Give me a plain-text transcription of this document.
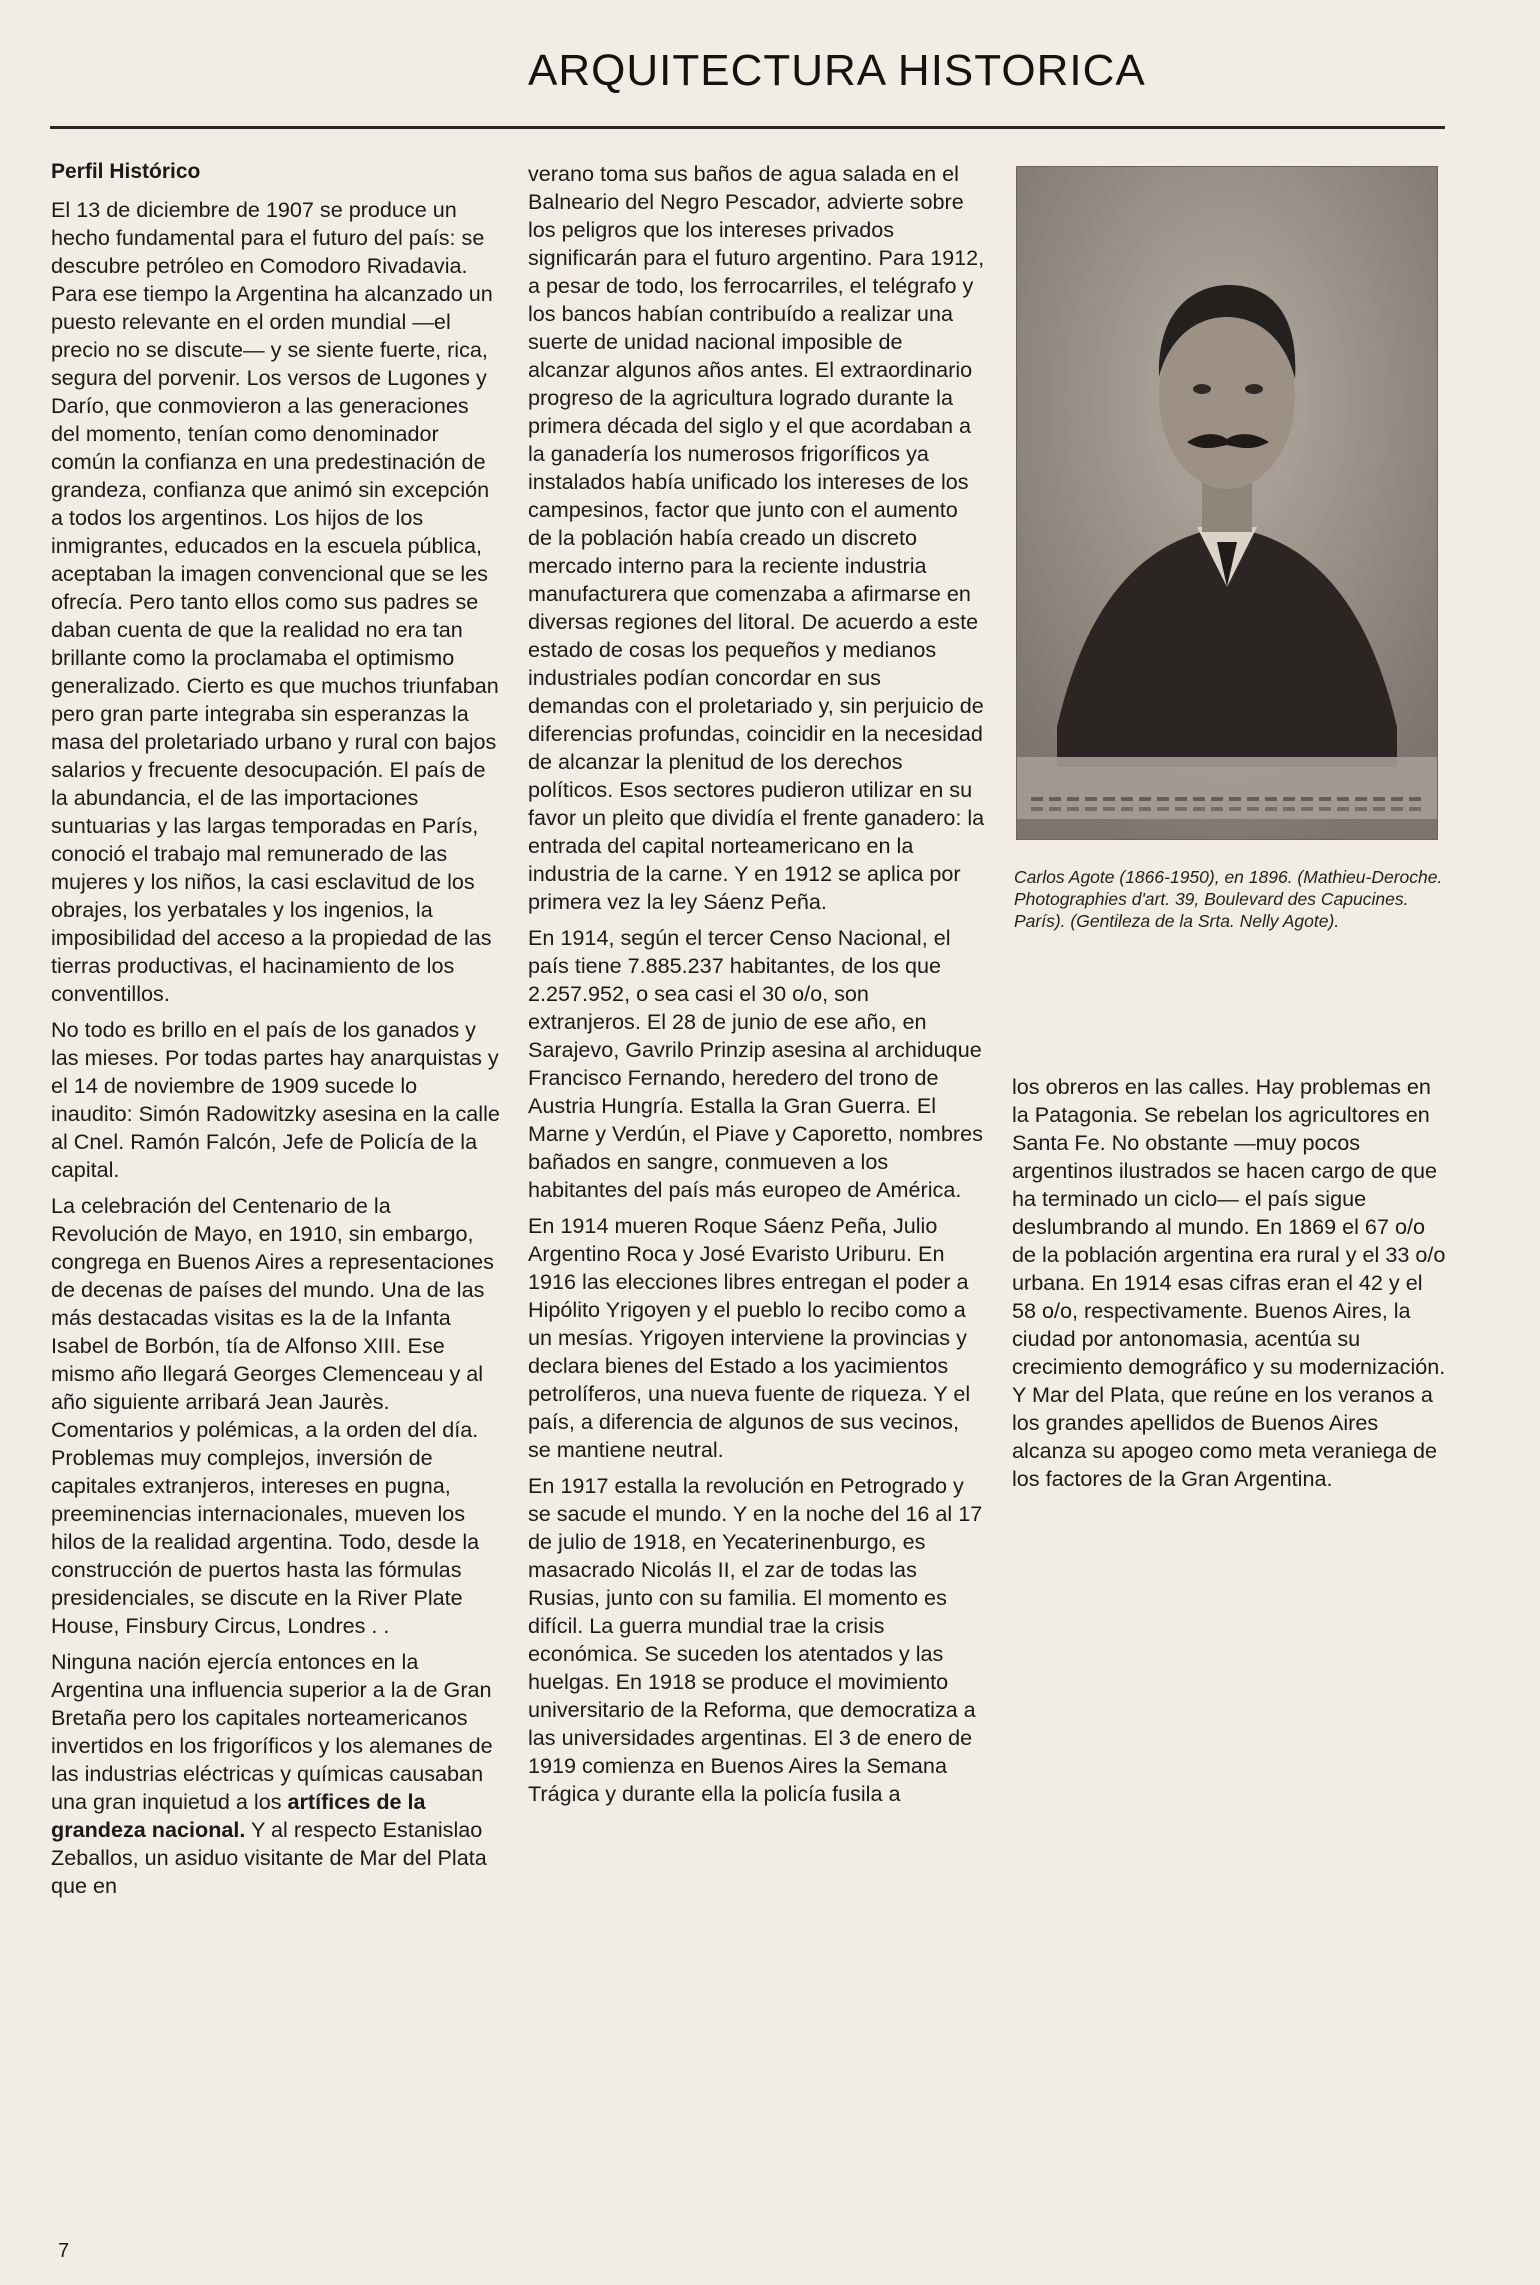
ARQUITECTURA HISTORICA
Perfil Histórico

El 13 de diciembre de 1907 se produce un hecho fundamental para el futuro del país: se descubre petróleo en Comodoro Rivadavia. Para ese tiempo la Argentina ha alcanzado un puesto relevante en el orden mundial —el precio no se discute— y se siente fuerte, rica, segura del porvenir. Los versos de Lugones y Darío, que conmovieron a las generaciones del momento, tenían como denominador común la confianza en una predestinación de grandeza, confianza que animó sin excepción a todos los argentinos. Los hijos de los inmigrantes, educados en la escuela pública, aceptaban la imagen convencional que se les ofrecía. Pero tanto ellos como sus padres se daban cuenta de que la realidad no era tan brillante como la proclamaba el optimismo generalizado. Cierto es que muchos triunfaban pero gran parte integraba sin esperanzas la masa del proletariado urbano y rural con bajos salarios y frecuente desocupación. El país de la abundancia, el de las importaciones suntuarias y las largas temporadas en París, conoció el trabajo mal remunerado de las mujeres y los niños, la casi esclavitud de los obrajes, los yerbatales y los ingenios, la imposibilidad del acceso a la propiedad de las tierras productivas, el hacinamiento de los conventillos.

No todo es brillo en el país de los ganados y las mieses. Por todas partes hay anarquistas y el 14 de noviembre de 1909 sucede lo inaudito: Simón Radowitzky asesina en la calle al Cnel. Ramón Falcón, Jefe de Policía de la capital.

La celebración del Centenario de la Revolución de Mayo, en 1910, sin embargo, congrega en Buenos Aires a representaciones de decenas de países del mundo. Una de las más destacadas visitas es la de la Infanta Isabel de Borbón, tía de Alfonso XIII. Ese mismo año llegará Georges Clemenceau y al año siguiente arribará Jean Jaurès. Comentarios y polémicas, a la orden del día. Problemas muy complejos, inversión de capitales extranjeros, intereses en pugna, preeminencias internacionales, mueven los hilos de la realidad argentina. Todo, desde la construcción de puertos hasta las fórmulas presidenciales, se discute en la River Plate House, Finsbury Circus, Londres . .

Ninguna nación ejercía entonces en la Argentina una influencia superior a la de Gran Bretaña pero los capitales norteamericanos invertidos en los frigoríficos y los alemanes de las industrias eléctricas y químicas causaban una gran inquietud a los artífices de la grandeza nacional. Y al respecto Estanislao Zeballos, un asiduo visitante de Mar del Plata que en

verano toma sus baños de agua salada en el Balneario del Negro Pescador, advierte sobre los peligros que los intereses privados significarán para el futuro argentino. Para 1912, a pesar de todo, los ferrocarriles, el telégrafo y los bancos habían contribuído a realizar una suerte de unidad nacional imposible de alcanzar algunos años antes. El extraordinario progreso de la agricultura logrado durante la primera década del siglo y el que acordaban a la ganadería los numerosos frigoríficos ya instalados había unificado los intereses de los campesinos, factor que junto con el aumento de la población había creado un discreto mercado interno para la reciente industria manufacturera que comenzaba a afirmarse en diversas regiones del litoral. De acuerdo a este estado de cosas los pequeños y medianos industriales podían concordar en sus demandas con el proletariado y, sin perjuicio de diferencias profundas, coincidir en la necesidad de alcanzar la plenitud de los derechos políticos. Esos sectores pudieron utilizar en su favor un pleito que dividía el frente ganadero: la entrada del capital norteamericano en la industria de la carne. Y en 1912 se aplica por primera vez la ley Sáenz Peña.

En 1914, según el tercer Censo Nacional, el país tiene 7.885.237 habitantes, de los que 2.257.952, o sea casi el 30 o/o, son extranjeros. El 28 de junio de ese año, en Sarajevo, Gavrilo Prinzip asesina al archiduque Francisco Fernando, heredero del trono de Austria Hungría. Estalla la Gran Guerra. El Marne y Verdún, el Piave y Caporetto, nombres bañados en sangre, conmueven a los habitantes del país más europeo de América.

En 1914 mueren Roque Sáenz Peña, Julio Argentino Roca y José Evaristo Uriburu. En 1916 las elecciones libres entregan el poder a Hipólito Yrigoyen y el pueblo lo recibo como a un mesías. Yrigoyen interviene la provincias y declara bienes del Estado a los yacimientos petrolíferos, una nueva fuente de riqueza. Y el país, a diferencia de algunos de sus vecinos, se mantiene neutral.

En 1917 estalla la revolución en Petrogrado y se sacude el mundo. Y en la noche del 16 al 17 de julio de 1918, en Yecaterinenburgo, es masacrado Nicolás II, el zar de todas las Rusias, junto con su familia. El momento es difícil. La guerra mundial trae la crisis económica. Se suceden los atentados y las huelgas. En 1918 se produce el movimiento universitario de la Reforma, que democratiza a las universidades argentinas. El 3 de enero de 1919 comienza en Buenos Aires la Semana Trágica y durante ella la policía fusila a

Carlos Agote (1866-1950), en 1896. (Mathieu-Deroche. Photographies d'art. 39, Boulevard des Capucines. París). (Gentileza de la Srta. Nelly Agote).

los obreros en las calles. Hay problemas en la Patagonia. Se rebelan los agricultores en Santa Fe. No obstante —muy pocos argentinos ilustrados se hacen cargo de que ha terminado un ciclo— el país sigue deslumbrando al mundo. En 1869 el 67 o/o de la población argentina era rural y el 33 o/o urbana. En 1914 esas cifras eran el 42 y el 58 o/o, respectivamente. Buenos Aires, la ciudad por antonomasia, acentúa su crecimiento demográfico y su modernización. Y Mar del Plata, que reúne en los veranos a los grandes apellidos de Buenos Aires alcanza su apogeo como meta veraniega de los factores de la Gran Argentina.

7
